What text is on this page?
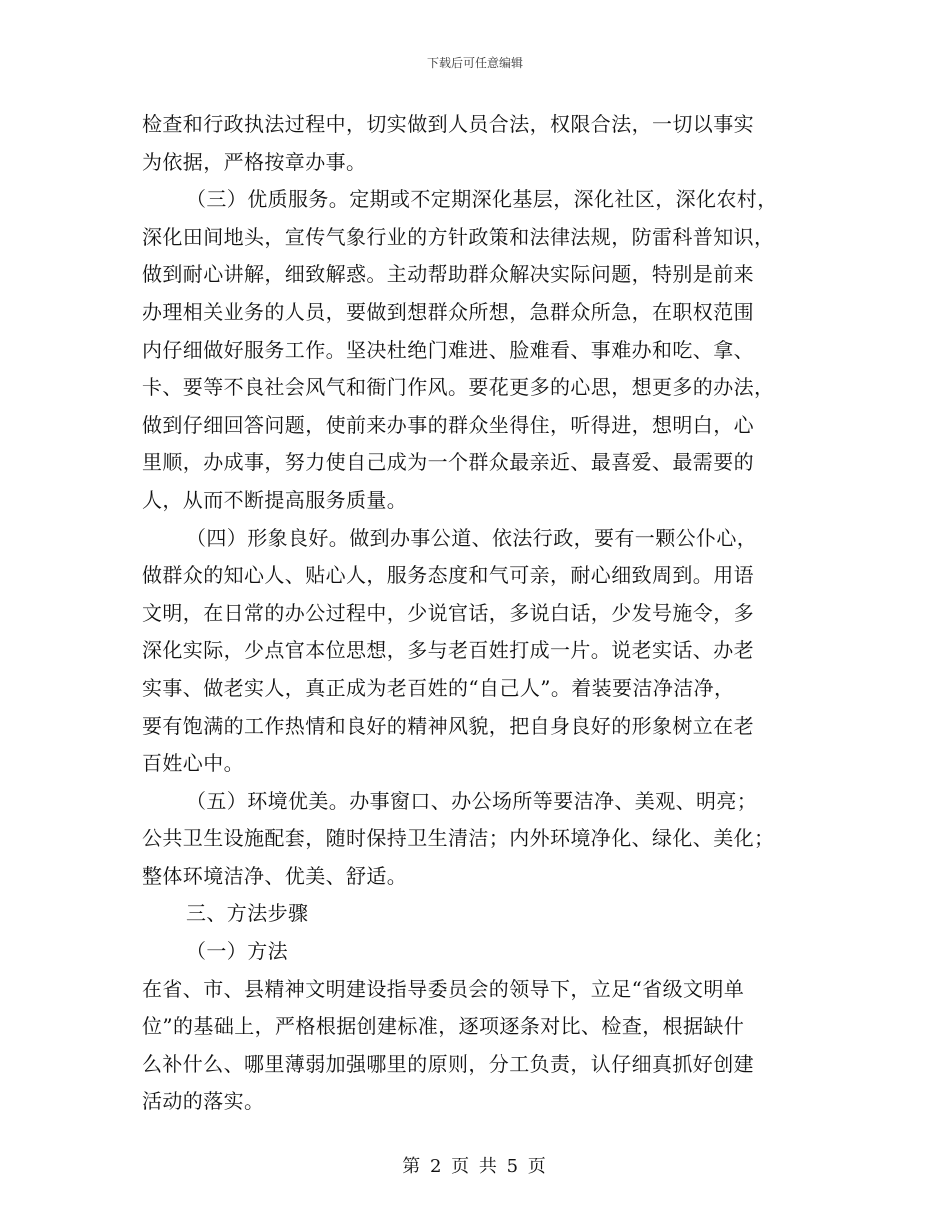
下载后可任意编辑
检查和行政执法过程中，切实做到人员合法，权限合法，一切以事实
为依据，严格按章办事。
（三）优质服务。定期或不定期深化基层，深化社区，深化农村，
深化田间地头，宣传气象行业的方针政策和法律法规，防雷科普知识，
做到耐心讲解，细致解惑。主动帮助群众解决实际问题，特别是前来
办理相关业务的人员，要做到想群众所想，急群众所急，在职权范围
内仔细做好服务工作。坚决杜绝门难进、脸难看、事难办和吃、拿、
卡、要等不良社会风气和衙门作风。要花更多的心思，想更多的办法，
做到仔细回答问题，使前来办事的群众坐得住，听得进，想明白，心
里顺，办成事，努力使自己成为一个群众最亲近、最喜爱、最需要的
人，从而不断提高服务质量。
（四）形象良好。做到办事公道、依法行政，要有一颗公仆心，
做群众的知心人、贴心人，服务态度和气可亲，耐心细致周到。用语
文明，在日常的办公过程中，少说官话，多说白话，少发号施令，多
深化实际，少点官本位思想，多与老百姓打成一片。说老实话、办老
实事、做老实人，真正成为老百姓的“自己人”。着装要洁净洁净，
要有饱满的工作热情和良好的精神风貌，把自身良好的形象树立在老
百姓心中。
（五）环境优美。办事窗口、办公场所等要洁净、美观、明亮；
公共卫生设施配套，随时保持卫生清洁；内外环境净化、绿化、美化；
整体环境洁净、优美、舒适。
三、方法步骤
（一）方法
在省、市、县精神文明建设指导委员会的领导下，立足“省级文明单
位”的基础上，严格根据创建标准，逐项逐条对比、检查，根据缺什
么补什么、哪里薄弱加强哪里的原则，分工负责，认仔细真抓好创建
活动的落实。
第 2 页 共 5 页
